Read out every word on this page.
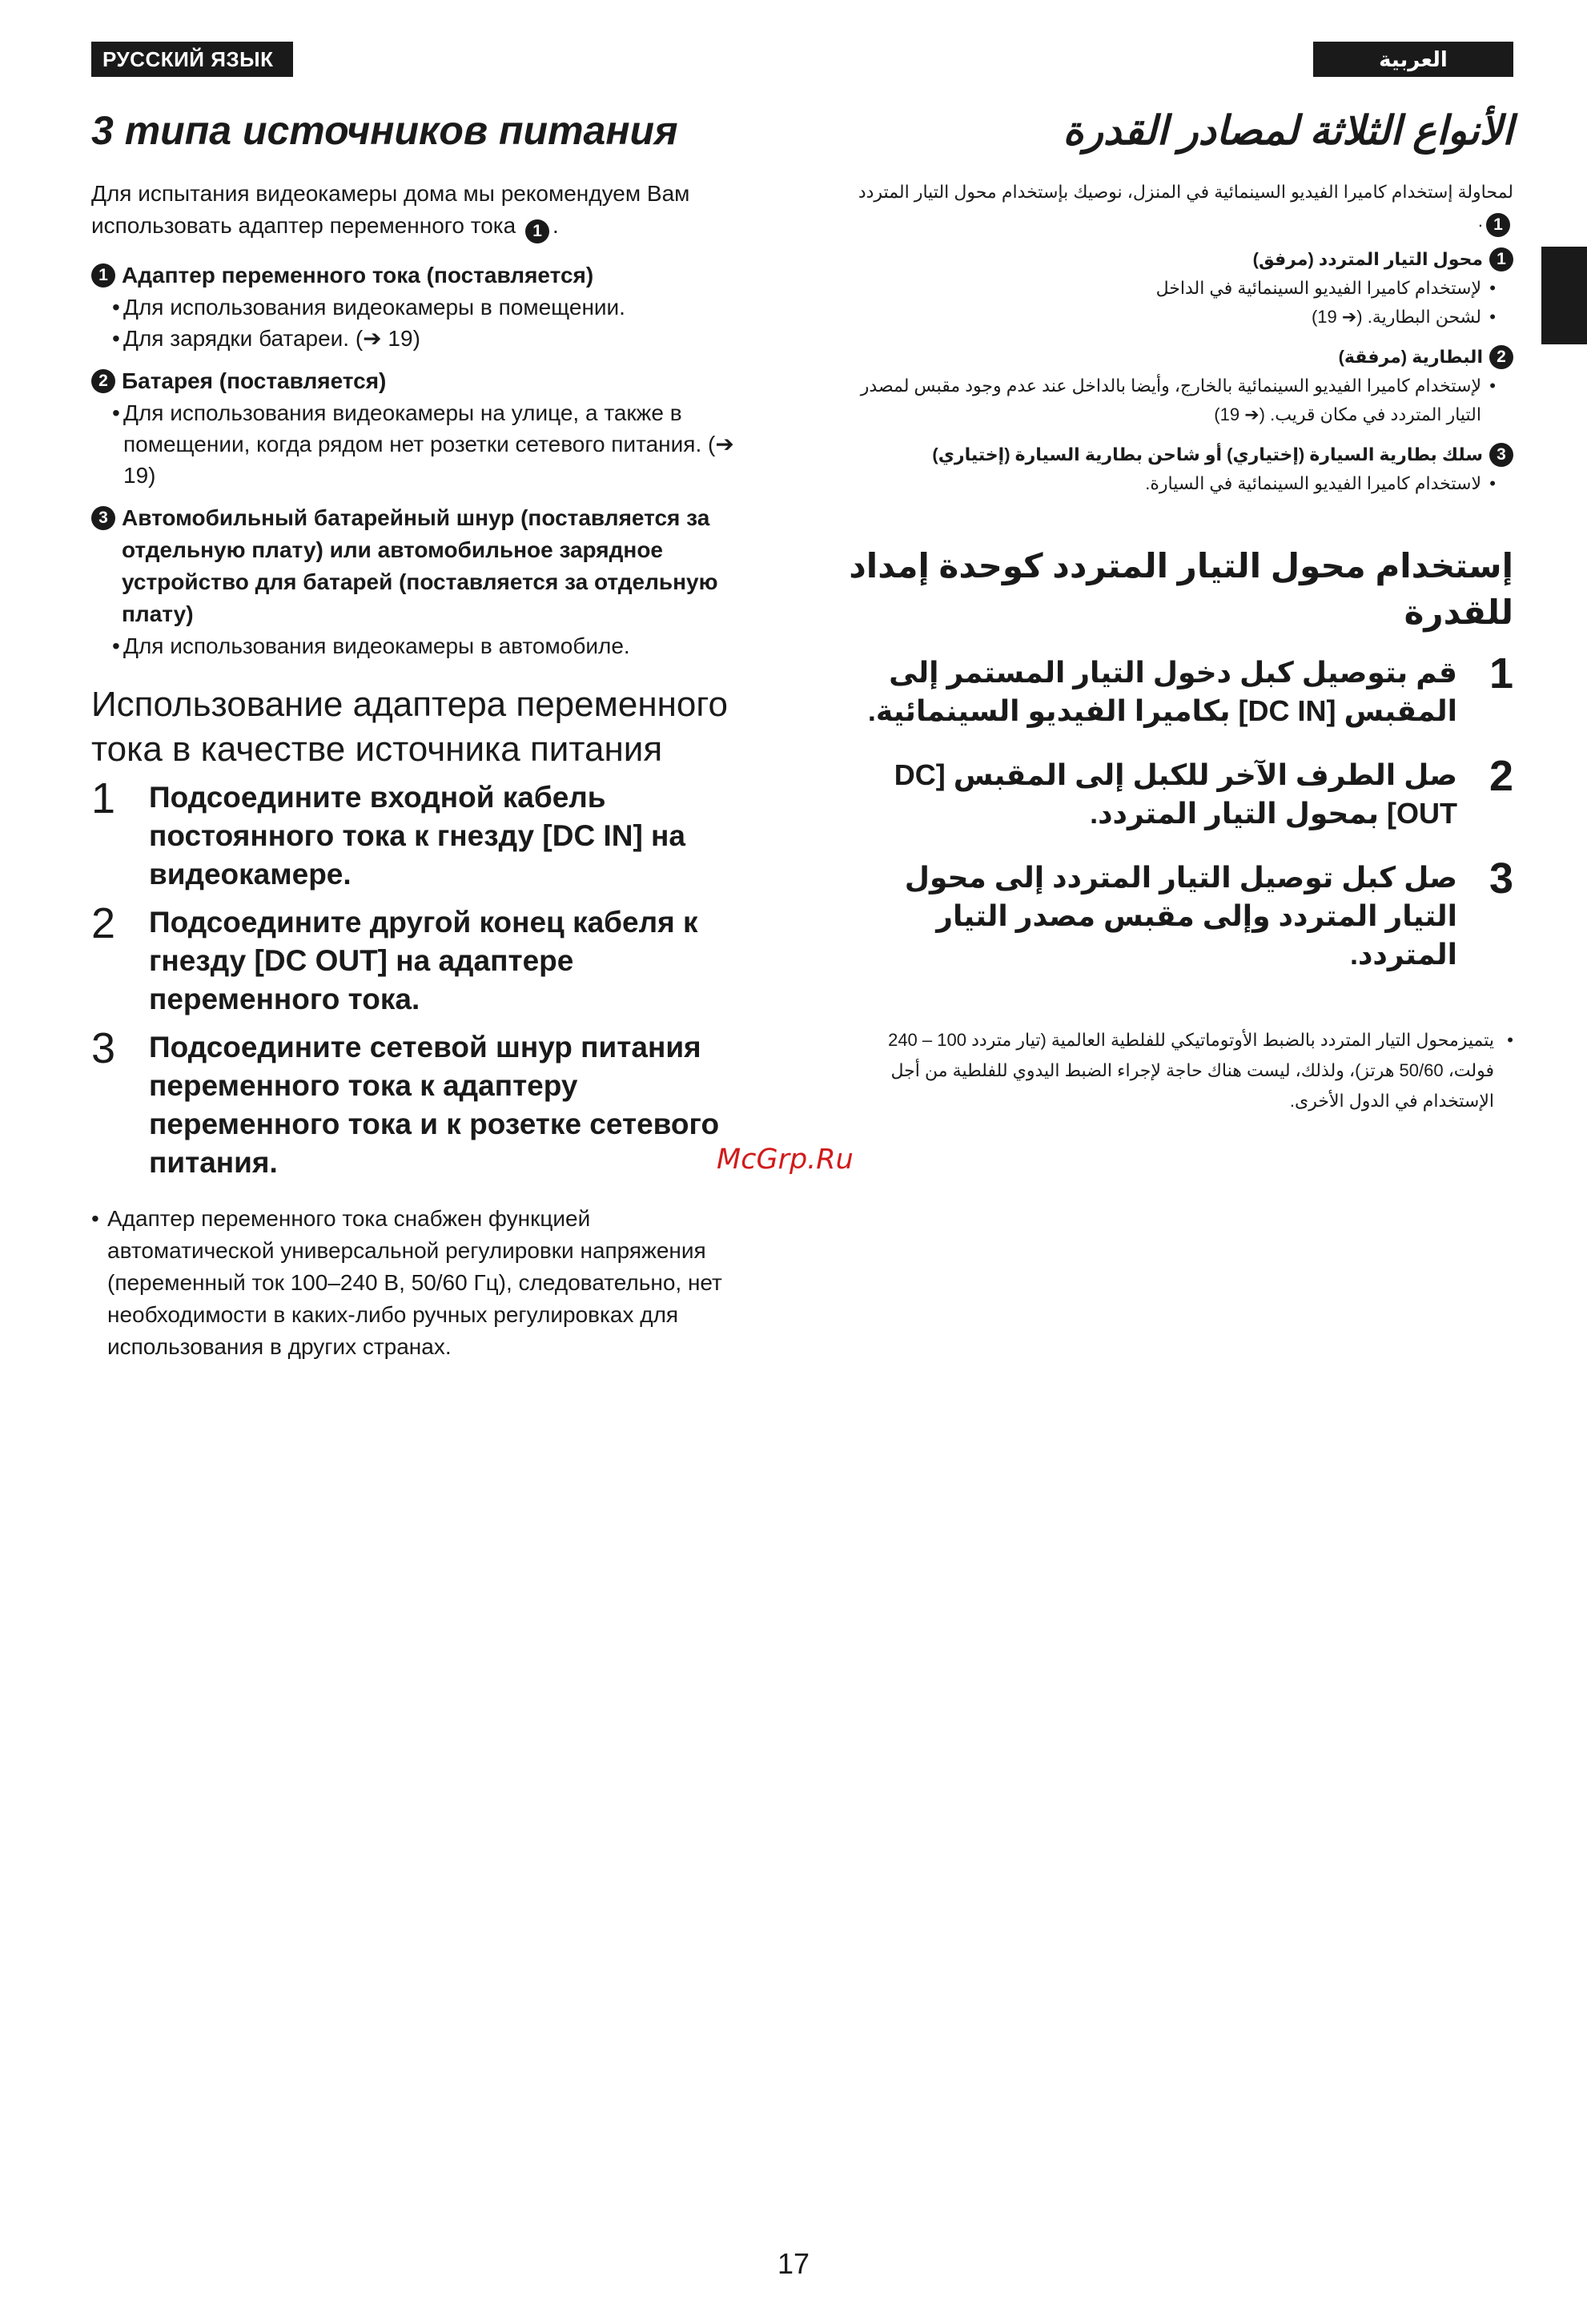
РУССКИЙ ЯЗЫК	العربية
3 типа источников питания
Для испытания видеокамеры дома мы рекомендуем Вам использовать адаптер переменного тока 1 .
1 Адаптер переменного тока (поставляется)
• Для использования видеокамеры в помещении.
• Для зарядки батареи. (➔ 19)
2 Батарея (поставляется)
• Для использования видеокамеры на улице, а также в помещении, когда рядом нет розетки сетевого питания. (➔ 19)
3 Автомобильный батарейный шнур (поставляется за отдельную плату) или автомобильное зарядное устройство для батарей (поставляется за отдельную плату)
• Для использования видеокамеры в автомобиле.
Использование адаптера переменного тока в качестве источника питания
1	Подсоедините входной кабель постоянного тока к гнезду [DC IN] на видеокамере.
2	Подсоедините другой конец кабеля к гнезду [DC OUT] на адаптере переменного тока.
3	Подсоедините сетевой шнур питания переменного тока к адаптеру переменного тока и к розетке сетевого питания.
• Адаптер переменного тока снабжен функцией автоматической универсальной регулировки напряжения (переменный ток 100–240 В, 50/60 Гц), следовательно, нет необходимости в каких-либо ручных регулировках для использования в других странах.
الأنواع الثلاثة لمصادر القدرة
لمحاولة إستخدام كاميرا الفيديو السينمائية في المنزل، نوصيك بإستخدام محول التيار المتردد 1.
1
محول التيار المتردد (مرفق)
• لإستخدام كاميرا الفيديو السينمائية في الداخل
• لشحن البطارية. (➔ 19)
2
البطارية (مرفقة)
• لإستخدام كاميرا الفيديو السينمائية بالخارج، وأيضا بالداخل عند عدم وجود مقبس لمصدر التيار المتردد في مكان قريب. (➔ 19)
3
سلك بطارية السيارة (إختياري) أو شاحن بطارية السيارة (إختياري)
• لاستخدام كاميرا الفيديو السينمائية في السيارة.
إستخدام محول التيار المتردد كوحدة إمداد للقدرة
1
قم بتوصيل كبل دخول التيار المستمر إلى المقبس [DC IN] بكاميرا الفيديو السينمائية.
2
صل الطرف الآخر للكبل إلى المقبس [DC OUT] بمحول التيار المتردد.
3
صل كبل توصيل التيار المتردد إلى محول التيار المتردد وإلى مقبس مصدر التيار المتردد.
• يتميزمحول التيار المتردد بالضبط الأوتوماتيكي للفلطية العالمية (تيار متردد 100 – 240 فولت، 50/60 هرتز)، ولذلك، ليست هناك حاجة لإجراء الضبط اليدوي للفلطية من أجل الإستخدام في الدول الأخرى.
McGrp.Ru
17
